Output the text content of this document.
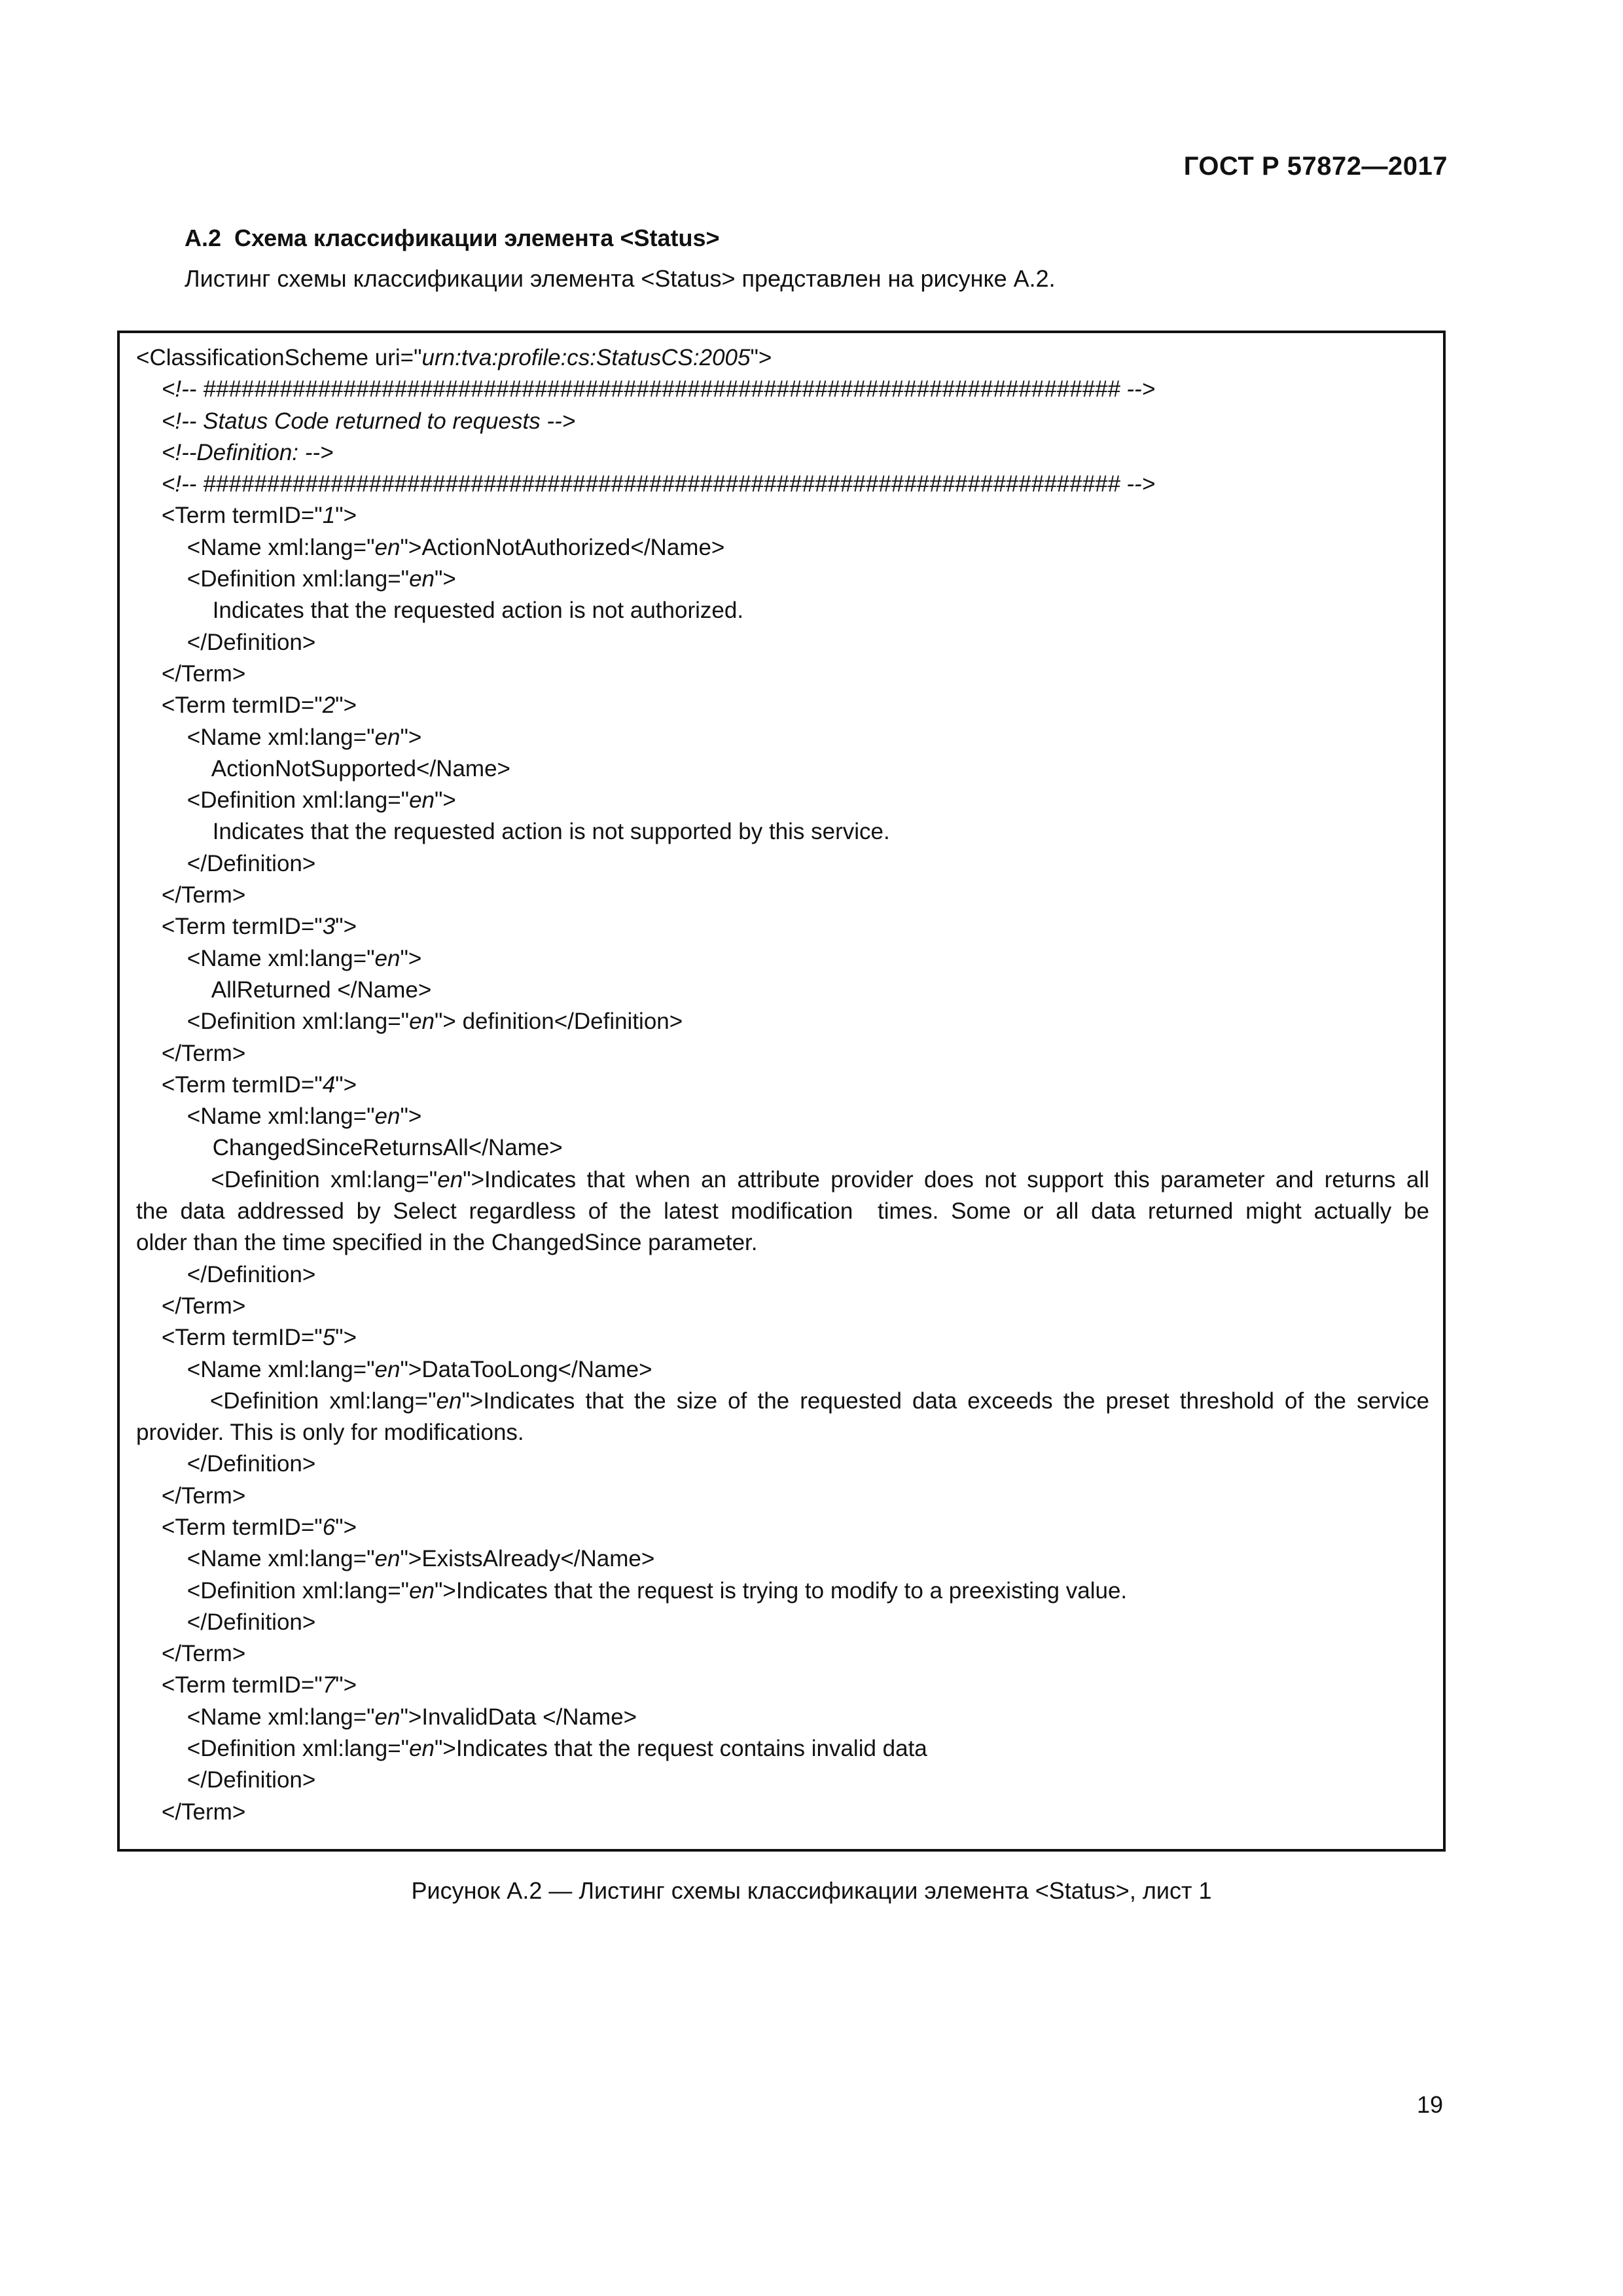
ГОСТ Р 57872—2017
А.2  Схема классификации элемента <Status>
Листинг схемы классификации элемента <Status> представлен на рисунке А.2.
<ClassificationScheme uri="urn:tva:profile:cs:StatusCS:2005">
<!-- ######################################################################## -->
<!-- Status Code returned to requests -->
<!--Definition: -->
<!-- ######################################################################## -->
<Term termID="1">
<Name xml:lang="en">ActionNotAuthorized</Name>
<Definition xml:lang="en">
Indicates that the requested action is not authorized.
</Definition>
</Term>
<Term termID="2">
<Name xml:lang="en">
ActionNotSupported</Name>
<Definition xml:lang="en">
Indicates that the requested action is not supported by this service.
</Definition>
</Term>
<Term termID="3">
<Name xml:lang="en">
AllReturned </Name>
<Definition xml:lang="en"> definition</Definition>
</Term>
<Term termID="4">
<Name xml:lang="en">
ChangedSinceReturnsAll</Name>
<Definition xml:lang="en">Indicates that when an attribute provider does not support this parameter and returns all
the data addressed by Select regardless of the latest modification  times. Some or all data returned might actually be
older than the time specified in the ChangedSince parameter.
</Definition>
</Term>
<Term termID="5">
<Name xml:lang="en">DataTooLong</Name>
<Definition xml:lang="en">Indicates that the size of the requested data exceeds the preset threshold of the service
provider. This is only for modifications.
</Definition>
</Term>
<Term termID="6">
<Name xml:lang="en">ExistsAlready</Name>
<Definition xml:lang="en">Indicates that the request is trying to modify to a preexisting value.
</Definition>
</Term>
<Term termID="7">
<Name xml:lang="en">InvalidData </Name>
<Definition xml:lang="en">Indicates that the request contains invalid data
</Definition>
</Term>
Рисунок А.2 — Листинг схемы классификации элемента <Status>, лист 1
19
